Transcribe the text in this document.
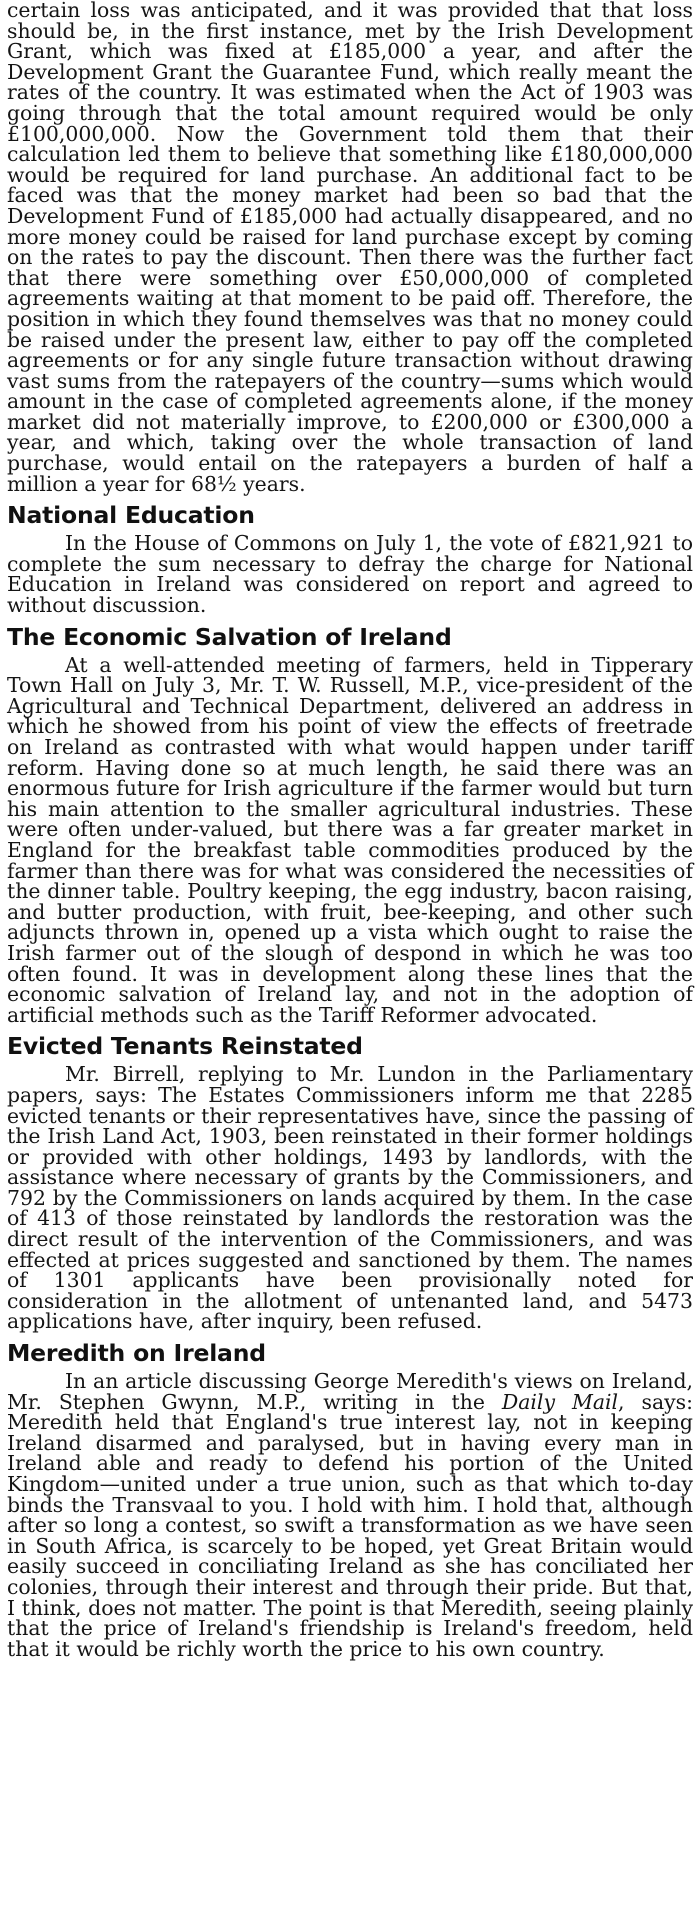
certain loss was anticipated, and it was provided that that loss should be, in the first instance, met by the Irish Development Grant, which was fixed at £185,000 a year, and after the Development Grant the Guarantee Fund, which really meant the rates of the country. It was estimated when the Act of 1903 was going through that the total amount required would be only £100,000,000. Now the Government told them that their calculation led them to believe that something like £180,000,000 would be required for land purchase. An additional fact to be faced was that the money market had been so bad that the Development Fund of £185,000 had actually disappeared, and no more money could be raised for land purchase except by coming on the rates to pay the discount. Then there was the further fact that there were something over £50,000,000 of completed agreements waiting at that moment to be paid off. Therefore, the position in which they found themselves was that no money could be raised under the present law, either to pay off the completed agreements or for any single future transaction without drawing vast sums from the ratepayers of the country—sums which would amount in the case of completed agreements alone, if the money market did not materially improve, to £200,000 or £300,000 a year, and which, taking over the whole transaction of land purchase, would entail on the ratepayers a burden of half a million a year for 68½ years.

National Education

In the House of Commons on July 1, the vote of £821,921 to complete the sum necessary to defray the charge for National Education in Ireland was considered on report and agreed to without discussion.

The Economic Salvation of Ireland

At a well-attended meeting of farmers, held in Tipperary Town Hall on July 3, Mr. T. W. Russell, M.P., vice-president of the Agricultural and Technical Department, delivered an address in which he showed from his point of view the effects of freetrade on Ireland as contrasted with what would happen under tariff reform. Having done so at much length, he said there was an enormous future for Irish agriculture if the farmer would but turn his main attention to the smaller agricultural industries. These were often under-valued, but there was a far greater market in England for the breakfast table commodities produced by the farmer than there was for what was considered the necessities of the dinner table. Poultry keeping, the egg industry, bacon raising, and butter production, with fruit, bee-keeping, and other such adjuncts thrown in, opened up a vista which ought to raise the Irish farmer out of the slough of despond in which he was too often found. It was in development along these lines that the economic salvation of Ireland lay, and not in the adoption of artificial methods such as the Tariff Reformer advocated.

Evicted Tenants Reinstated

Mr. Birrell, replying to Mr. Lundon in the Parliamentary papers, says: The Estates Commissioners inform me that 2285 evicted tenants or their representatives have, since the passing of the Irish Land Act, 1903, been reinstated in their former holdings or provided with other holdings, 1493 by landlords, with the assistance where necessary of grants by the Commissioners, and 792 by the Commissioners on lands acquired by them. In the case of 413 of those reinstated by landlords the restoration was the direct result of the intervention of the Commissioners, and was effected at prices suggested and sanctioned by them. The names of 1301 applicants have been provisionally noted for consideration in the allotment of untenanted land, and 5473 applications have, after inquiry, been refused.

Meredith on Ireland

In an article discussing George Meredith's views on Ireland, Mr. Stephen Gwynn, M.P., writing in the Daily Mail, says: Meredith held that England's true interest lay, not in keeping Ireland disarmed and paralysed, but in having every man in Ireland able and ready to defend his portion of the United Kingdom—united under a true union, such as that which to-day binds the Transvaal to you. I hold with him. I hold that, although after so long a contest, so swift a transformation as we have seen in South Africa, is scarcely to be hoped, yet Great Britain would easily succeed in conciliating Ireland as she has conciliated her colonies, through their interest and through their pride. But that, I think, does not matter. The point is that Meredith, seeing plainly that the price of Ireland's friendship is Ireland's freedom, held that it would be richly worth the price to his own country.
